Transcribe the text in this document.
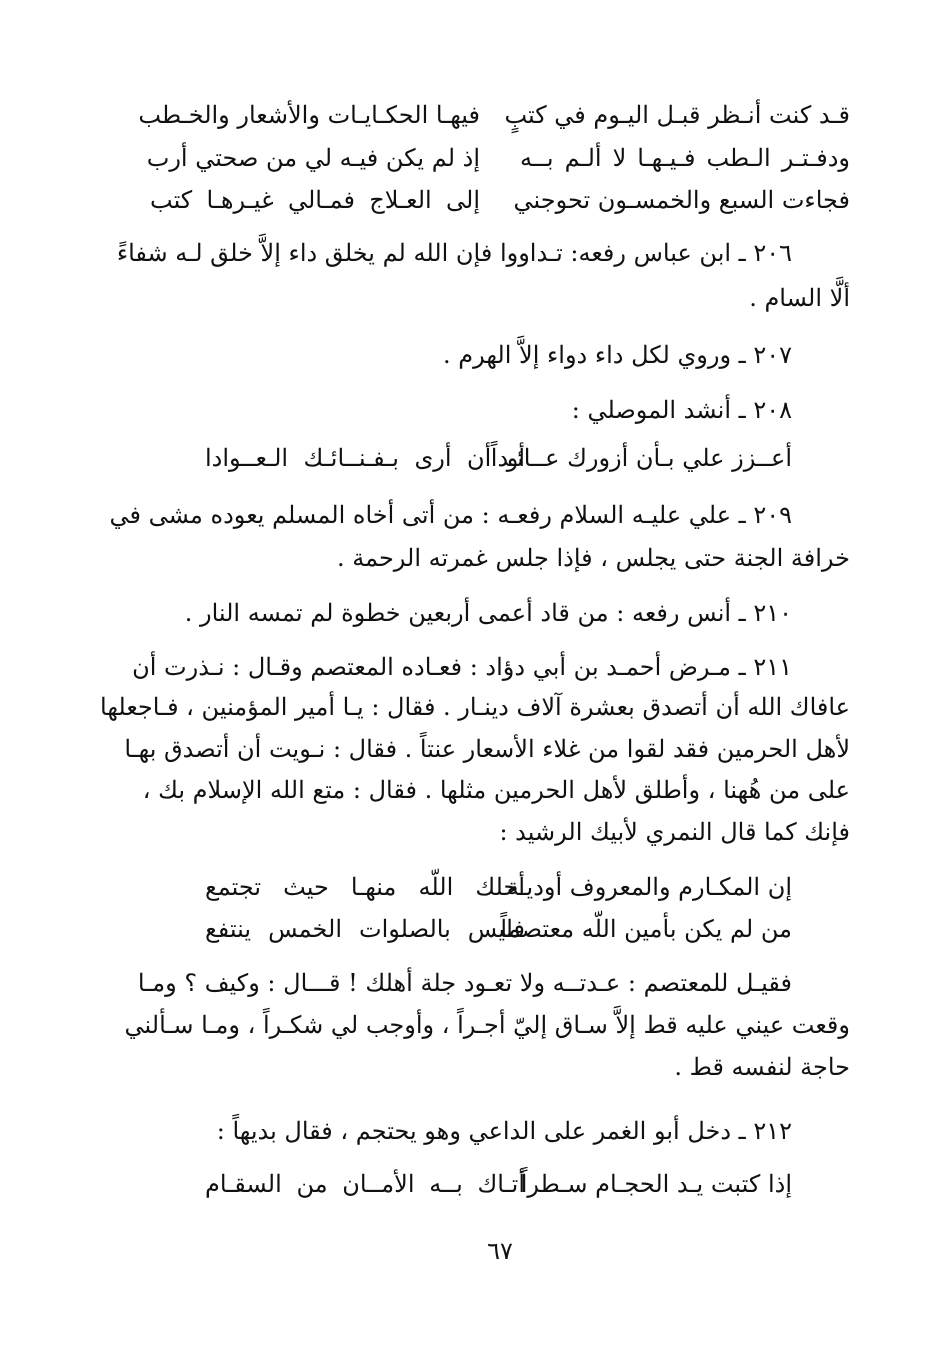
قـد كنت أنـظر قبـل اليـوم في كتبٍ
فيهـا الحكـايـات والأشعار والخـطب
ودفـتـر الـطب فـيـهـا لا ألـم بــه
إذ لم يكن فيـه لي من صحتي أرب
فجاءت السبع والخمسـون تحوجني
إلى العـلاج فمـالي غيـرهـا كتب
٢٠٦ ـ ابن عباس رفعه: تـداووا فإن الله لم يخلق داء إلاَّ خلق لـه شفاءً
ألَّا السام .
٢٠٧ ـ وروي لكل داء دواء إلاَّ الهرم .
٢٠٨ ـ أنشد الموصلي :
أعــزز علي بـأن أزورك عــائـداً
أو أن أرى بـفـنــائـك الـعــوادا
٢٠٩ ـ علي عليـه السلام رفعـه : من أتى أخاه المسلم يعوده مشى في
خرافة الجنة حتى يجلس ، فإذا جلس غمرته الرحمة .
٢١٠ ـ أنس رفعه : من قاد أعمى أربعين خطوة لم تمسه النار .
٢١١ ـ مـرض أحمـد بن أبي دؤاد : فعـاده المعتصم وقـال : نـذرت أن
عافاك الله أن أتصدق بعشرة آلاف دينـار . فقال : يـا أمير المؤمنين ، فـاجعلها
لأهل الحرمين فقد لقوا من غلاء الأسعار عنتاً . فقال : نـويت أن أتصدق بهـا
على من هُهنا ، وأطلق لأهل الحرمين مثلها . فقال : متع الله الإسلام بك ،
فإنك كما قال النمري لأبيك الرشيد :
إن المكـارم والمعروف أوديـة
أحلك اللّه منهـا حيث تجتمع
من لم يكن بأمين اللّه معتصماً
فليس بالصلوات الخمس ينتفع
فقيـل للمعتصم : عـدتــه ولا تعـود جلة أهلك ! قـــال : وكيف ؟ ومـا
وقعت عيني عليه قط إلاَّ سـاق إليّ أجـراً ، وأوجب لي شكـراً ، ومـا سـألني
حاجة لنفسه قط .
٢١٢ ـ دخل أبو الغمر على الداعي وهو يحتجم ، فقال بديهاً :
إذا كتبت يـد الحجـام سـطراً
أتـاك بــه الأمــان من السقـام
٦٧
